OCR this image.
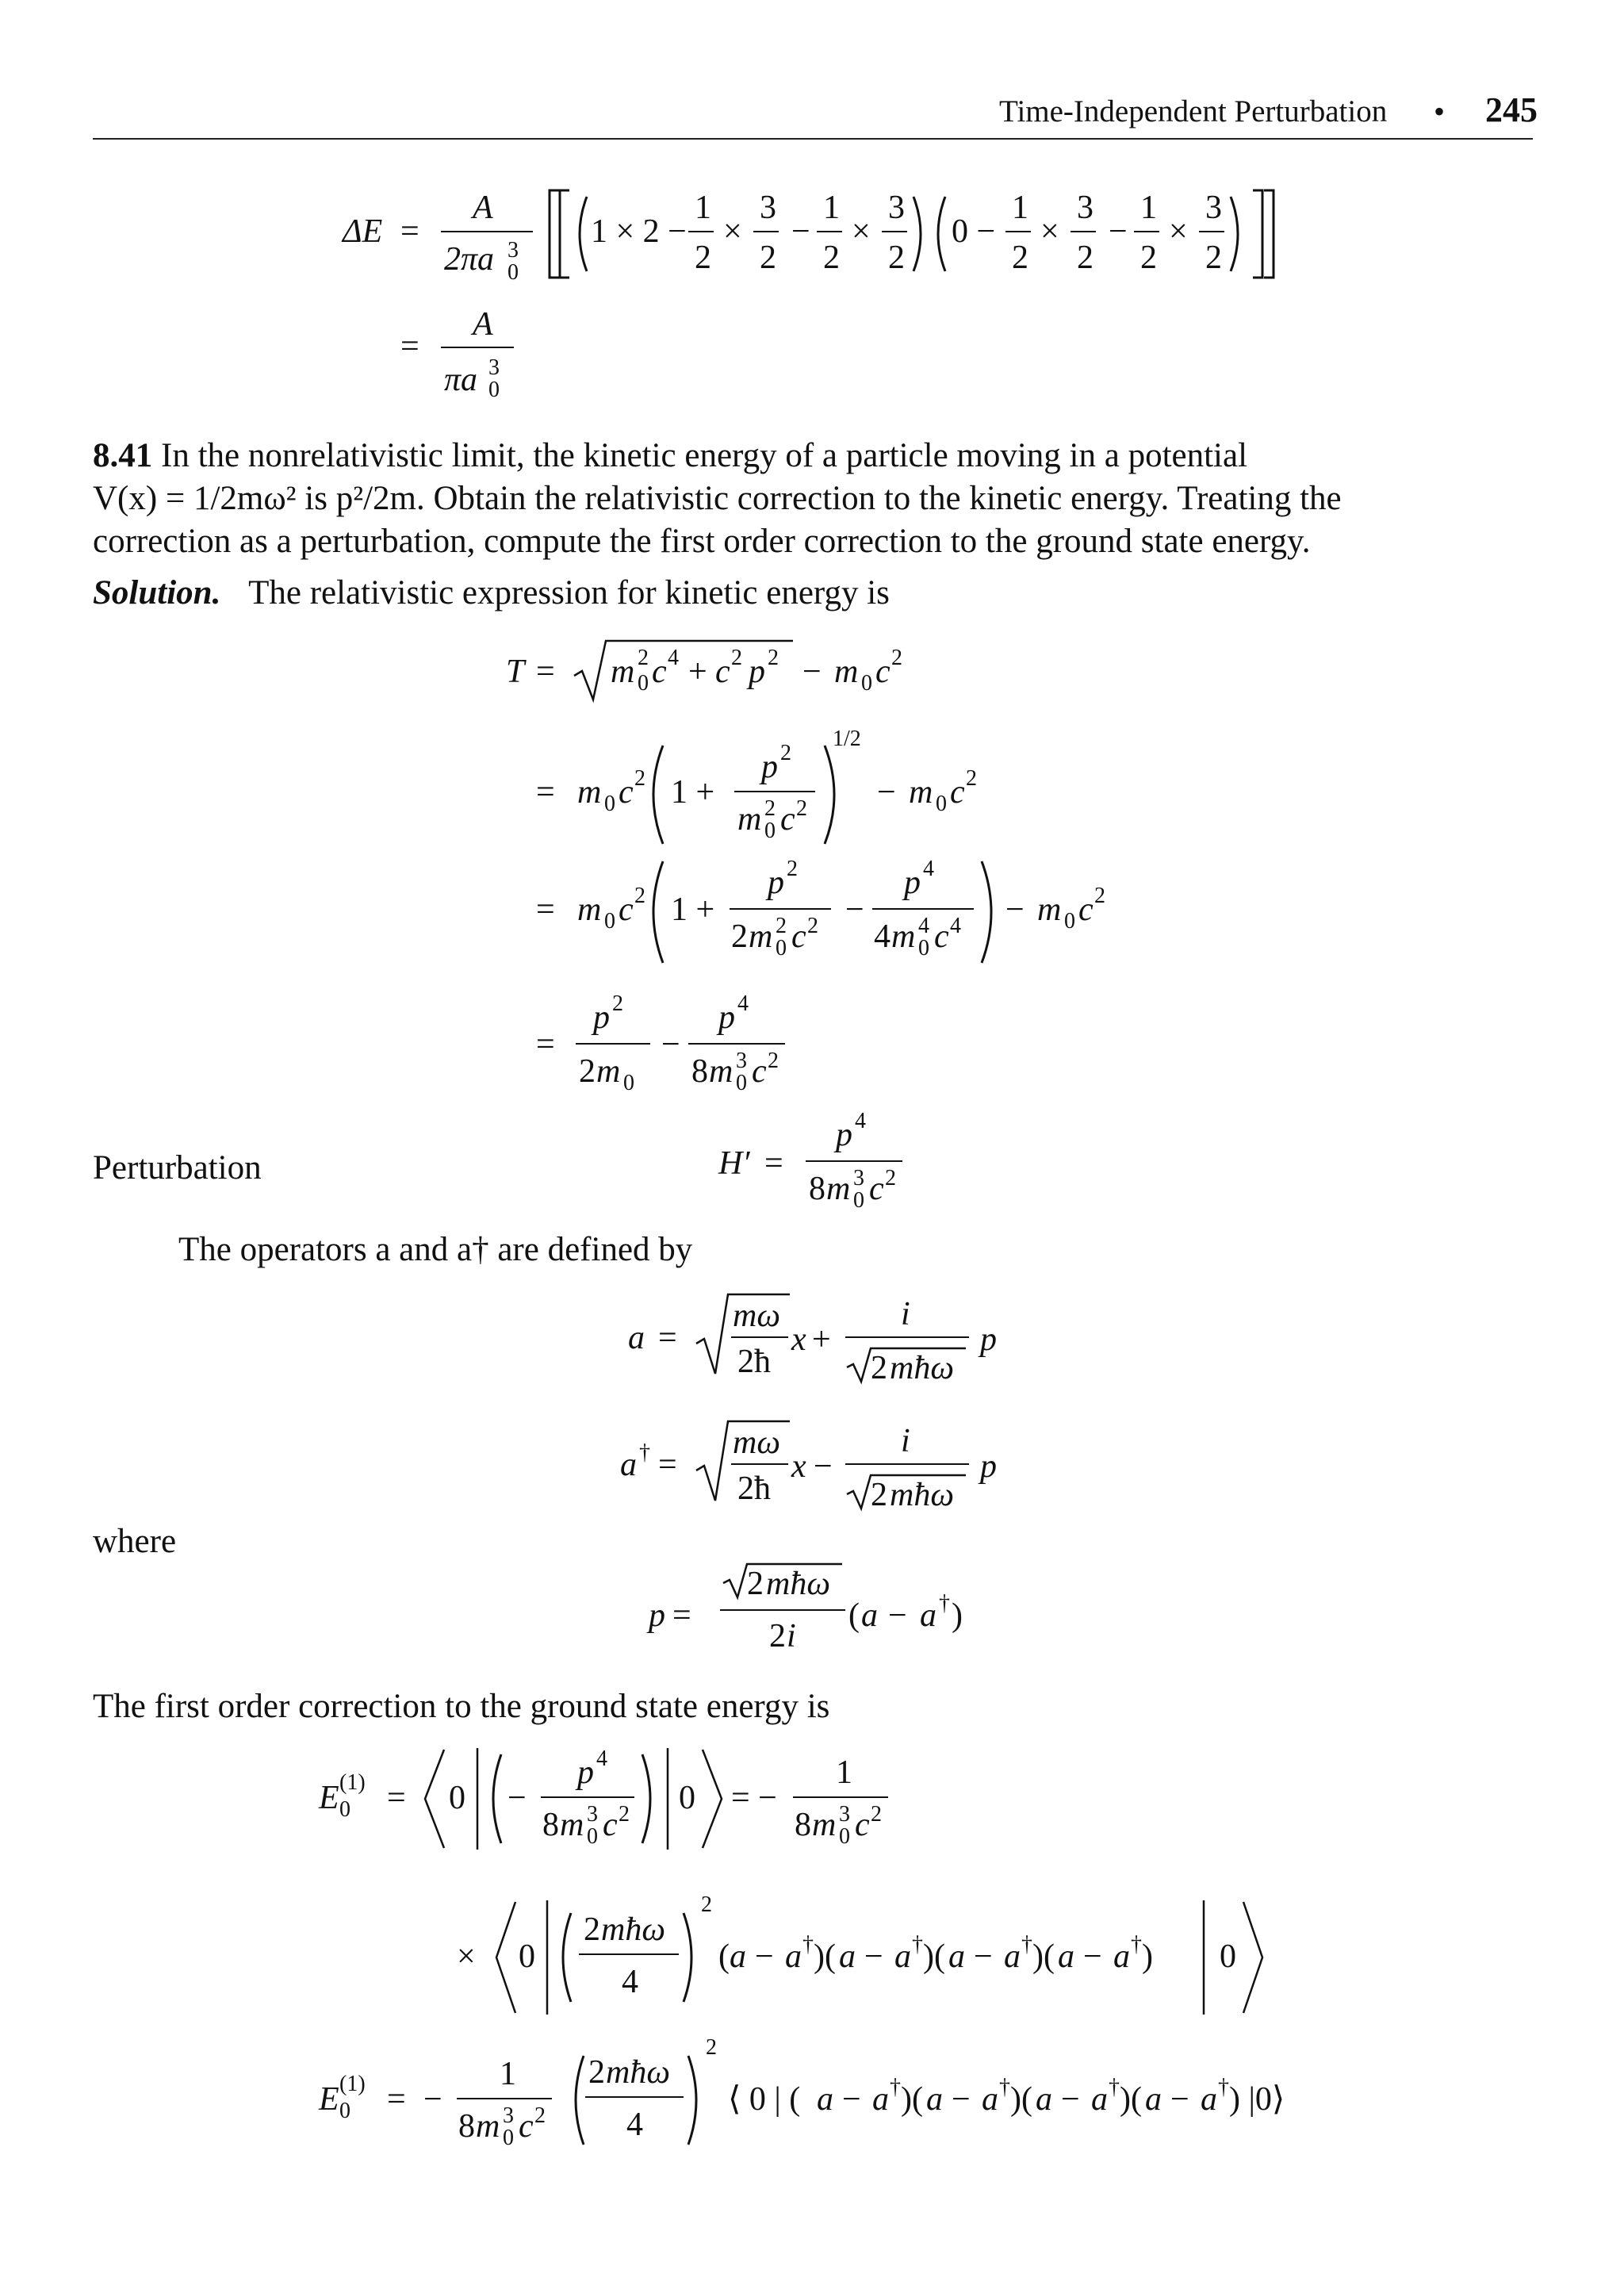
Time-Independent Perturbation • 245
ΔE =
A
2πa 3
0
1 × 2 −
1
2
×
3
2
−
1
2
×
3
2
0 −
1
2
×
3
2
−
1
2
×
3
2
=
A
πa 3
0
8.41 In the nonrelativistic limit, the kinetic energy of a particle moving in a potential
V(x) = 1/2mω² is p²/2m. Obtain the relativistic correction to the kinetic energy. Treating the
correction as a perturbation, compute the first order correction to the ground state energy.
Solution. The relativistic expression for kinetic energy is
T = m 2
0 c 4 + c 2 p 2 − m 0 c 2
= m 0 c 2 1 +
p 2
m 2
0 c 2
1/2
− m 0 c 2
= m 0 c 2 1 +
p 2
2 m 2
0 c 2 −
p 4
4 m 4
0 c 4 − m 0 c 2
=
p 2
2 m 0
−
p 4
8 m 3
0 c 2
Perturbation	H′ =
p 4
8 m 3
0 c 2
The operators a and a† are defined by
a =
mω
2ħ
x +
i
2 mħω
p
a † =
mω
2ħ
x −
i
2 mħω
p
where
p =
2 mħω
2 i
( a − a † )
The first order correction to the ground state energy is
E (1)
0 = 0 −
p 4
8 m 3
0 c 2 0 = −
1
8 m 3
0 c 2
× 0
2 mħω
4
2
( a − a † )( a − a † )( a − a † )( a − a † ) 0
E (1)
0 = −
1
8 m 3
0 c 2
2 mħω
4
2
⟨ 0 | ( a − a † )( a − a † )( a − a † )( a − a † ) |0⟩
